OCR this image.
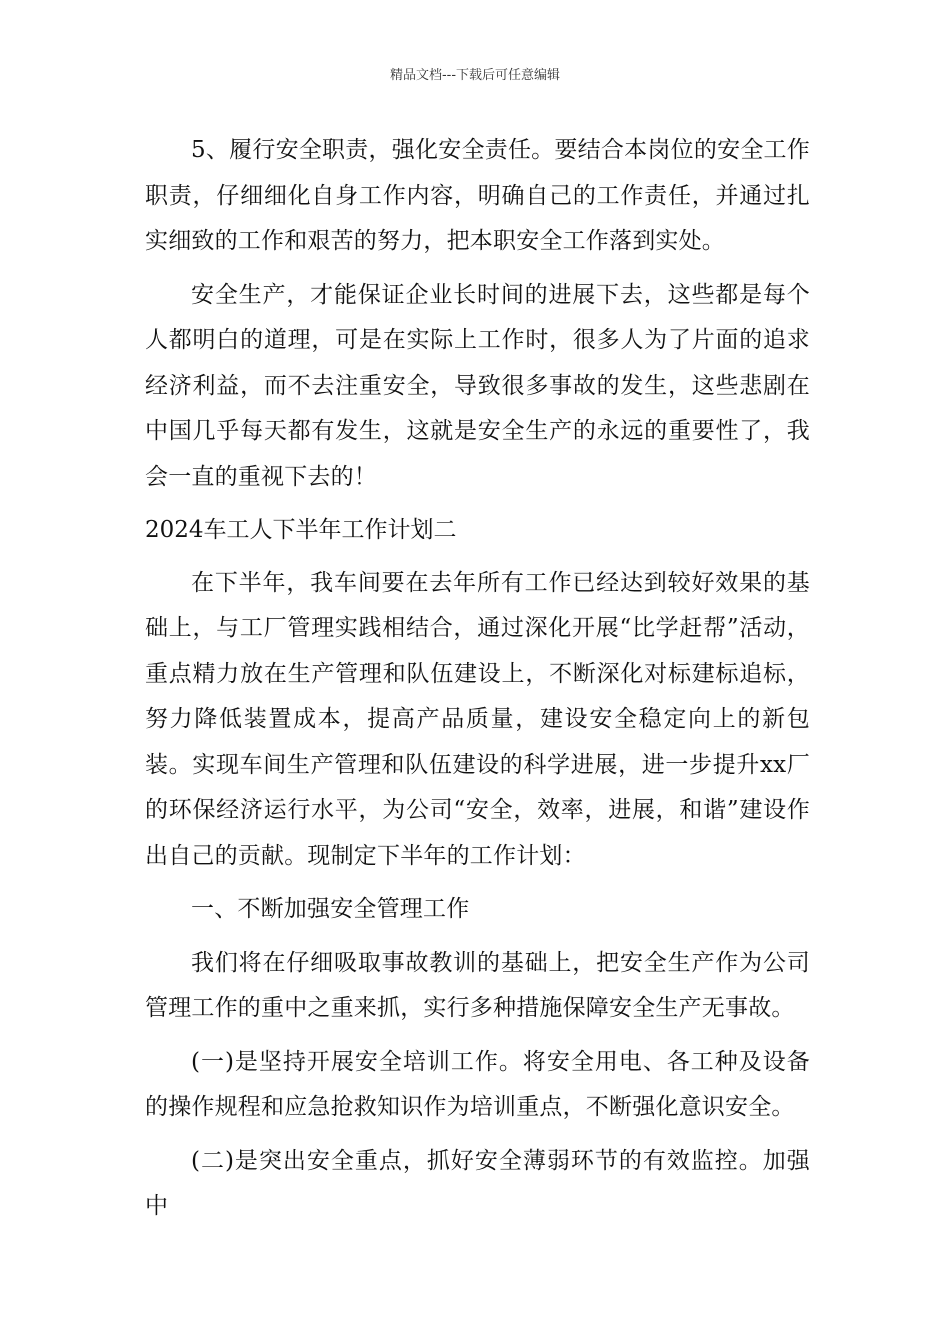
精品文档---下载后可任意编辑

5、履行安全职责，强化安全责任。要结合本岗位的安全工作职责，仔细细化自身工作内容，明确自己的工作责任，并通过扎实细致的工作和艰苦的努力，把本职安全工作落到实处。

安全生产，才能保证企业长时间的进展下去，这些都是每个人都明白的道理，可是在实际上工作时，很多人为了片面的追求经济利益，而不去注重安全，导致很多事故的发生，这些悲剧在中国几乎每天都有发生，这就是安全生产的永远的重要性了，我会一直的重视下去的！

2024车工人下半年工作计划二

在下半年，我车间要在去年所有工作已经达到较好效果的基础上，与工厂管理实践相结合，通过深化开展“比学赶帮”活动，重点精力放在生产管理和队伍建设上，不断深化对标建标追标，努力降低装置成本，提高产品质量，建设安全稳定向上的新包装。实现车间生产管理和队伍建设的科学进展，进一步提升xx厂的环保经济运行水平，为公司“安全，效率，进展，和谐”建设作出自己的贡献。现制定下半年的工作计划：

一、不断加强安全管理工作

我们将在仔细吸取事故教训的基础上，把安全生产作为公司管理工作的重中之重来抓，实行多种措施保障安全生产无事故。

(一)是坚持开展安全培训工作。将安全用电、各工种及设备的操作规程和应急抢救知识作为培训重点，不断强化意识安全。

(二)是突出安全重点，抓好安全薄弱环节的有效监控。加强中
